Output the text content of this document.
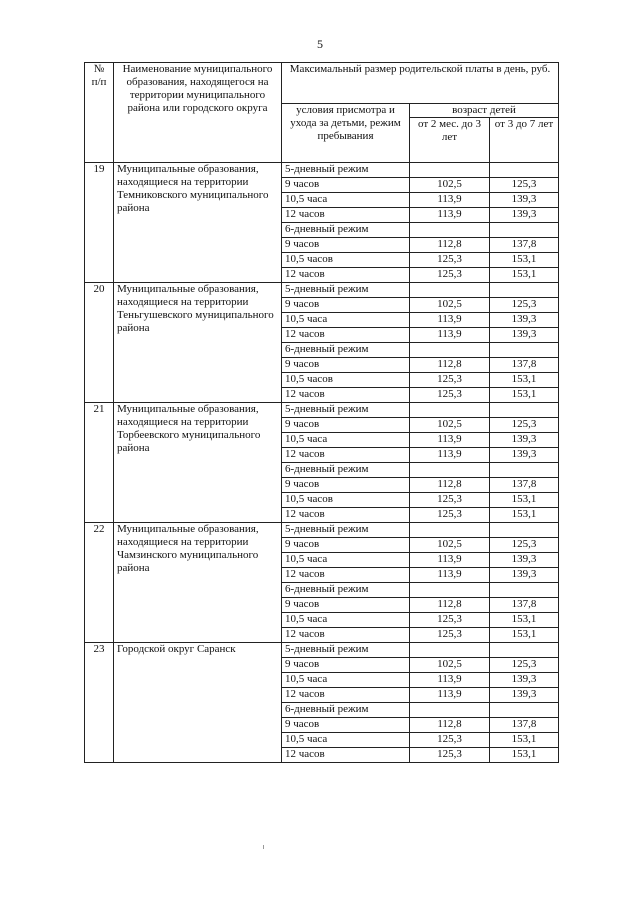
5
№ п/п	Наименование муниципального образования, находящегося на территории муниципального района или городского округа	Максимальный размер родительской платы в день, руб.		
		условия присмотра и ухода за детьми, режим пребывания	возраст детей	
			от 2 мес. до 3 лет	от 3 до 7 лет
19	Муниципальные образования, находящиеся на территории Темниковского муниципального района	5-дневный режим		
		9 часов	102,5	125,3
		10,5 часа	113,9	139,3
		12 часов	113,9	139,3
		6-дневный режим		
		9 часов	112,8	137,8
		10,5 часов	125,3	153,1
		12 часов	125,3	153,1
20	Муниципальные образования, находящиеся на территории Теньгушевского муниципального района	5-дневный режим		
		9 часов	102,5	125,3
		10,5 часа	113,9	139,3
		12 часов	113,9	139,3
		6-дневный режим		
		9 часов	112,8	137,8
		10,5 часов	125,3	153,1
		12 часов	125,3	153,1
21	Муниципальные образования, находящиеся на территории Торбеевского муниципального района	5-дневный режим		
		9 часов	102,5	125,3
		10,5 часа	113,9	139,3
		12 часов	113,9	139,3
		6-дневный режим		
		9 часов	112,8	137,8
		10,5 часов	125,3	153,1
		12 часов	125,3	153,1
22	Муниципальные образования, находящиеся на территории Чамзинского муниципального района	5-дневный режим		
		9 часов	102,5	125,3
		10,5 часа	113,9	139,3
		12 часов	113,9	139,3
		6-дневный режим		
		9 часов	112,8	137,8
		10,5 часа	125,3	153,1
		12 часов	125,3	153,1
23	Городской округ Саранск	5-дневный режим		
		9 часов	102,5	125,3
		10,5 часа	113,9	139,3
		12 часов	113,9	139,3
		6-дневный режим		
		9 часов	112,8	137,8
		10,5 часа	125,3	153,1
		12 часов	125,3	153,1
